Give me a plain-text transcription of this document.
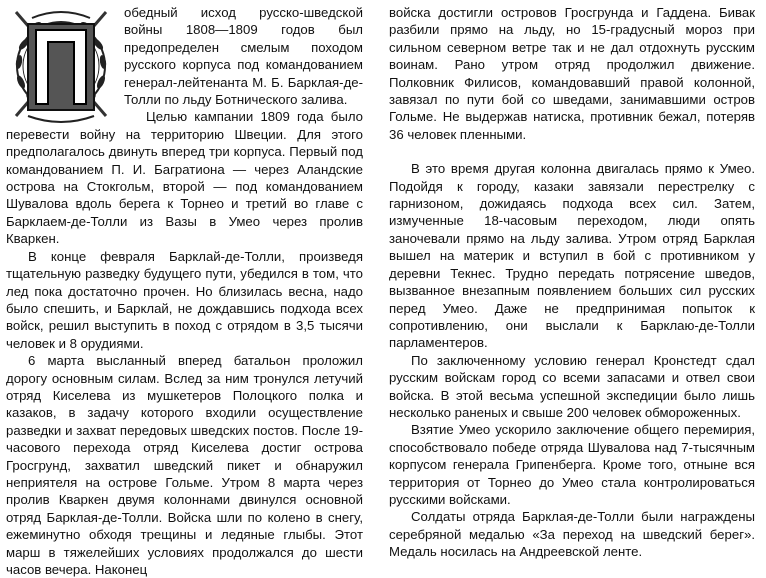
обедный исход русско-шведской войны 1808—1809 годов был предопределен смелым походом русского корпуса под командованием генерал-лейтенанта М. Б. Барклая-де-Толли по льду Ботнического залива.

Целью кампании 1809 года было перевести войну на территорию Швеции. Для этого предполагалось двинуть вперед три корпуса. Первый под командованием П. И. Багратиона — через Аландские острова на Стокгольм, второй — под командованием Шувалова вдоль берега к Торнео и третий во главе с Барклаем-де-Толли из Вазы в Умео через пролив Кваркен.

В конце февраля Барклай-де-Толли, произведя тщательную разведку будущего пути, убедился в том, что лед пока достаточно прочен. Но близилась весна, надо было спешить, и Барклай, не дождавшись подхода всех войск, решил выступить в поход с отрядом в 3,5 тысячи человек и 8 орудиями.

6 марта высланный вперед батальон проложил дорогу основным силам. Вслед за ним тронулся летучий отряд Киселева из мушкетеров Полоцкого полка и казаков, в задачу которого входили осуществление разведки и захват передовых шведских постов. После 19-часового перехода отряд Киселева достиг острова Гросгрунд, захватил шведский пикет и обнаружил неприятеля на острове Гольме. Утром 8 марта через пролив Кваркен двумя колоннами двинулся основной отряд Барклая-де-Толли. Войска шли по колено в снегу, ежеминутно обходя трещины и ледяные глыбы. Этот марш в тяжелейших условиях продолжался до шести часов вечера. Наконец

войска достигли островов Гросгрунда и Гаддена. Бивак разбили прямо на льду, но 15-градусный мороз при сильном северном ветре так и не дал отдохнуть русским воинам. Рано утром отряд продолжил движение. Полковник Филисов, командовавший правой колонной, завязал по пути бой со шведами, занимавшими остров Гольме. Не выдержав натиска, противник бежал, потеряв 36 человек пленными.

В это время другая колонна двигалась прямо к Умео. Подойдя к городу, казаки завязали перестрелку с гарнизоном, дожидаясь подхода всех сил. Затем, измученные 18-часовым переходом, люди опять заночевали прямо на льду залива. Утром отряд Барклая вышел на материк и вступил в бой с противником у деревни Текнес. Трудно передать потрясение шведов, вызванное внезапным появлением больших сил русских перед Умео. Даже не предпринимая попыток к сопротивлению, они выслали к Барклаю-де-Толли парламентеров.

По заключенному условию генерал Кронстедт сдал русским войскам город со всеми запасами и отвел свои войска. В этой весьма успешной экспедиции было лишь несколько раненых и свыше 200 человек обмороженных.

Взятие Умео ускорило заключение общего перемирия, способствовало победе отряда Шувалова над 7-тысячным корпусом генерала Грипенберга. Кроме того, отныне вся территория от Торнео до Умео стала контролироваться русскими войсками.

Солдаты отряда Барклая-де-Толли были награждены серебряной медалью «За переход на шведский берег». Медаль носилась на Андреевской ленте.
